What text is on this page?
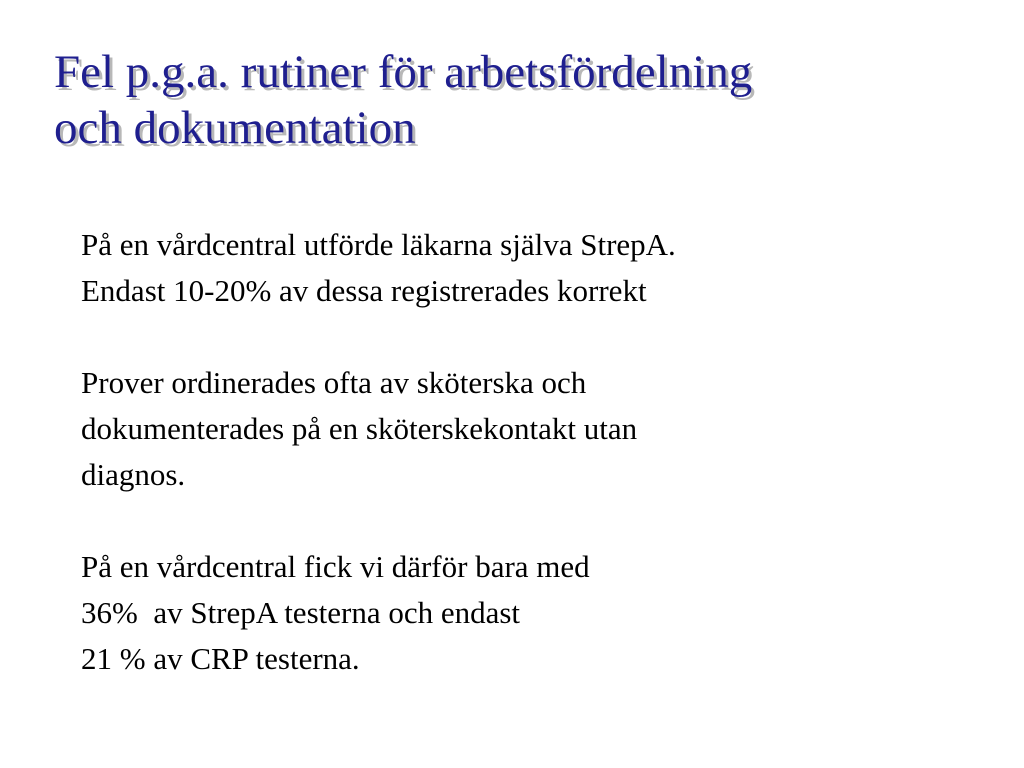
Fel p.g.a. rutiner för arbetsfördelning
och dokumentation

På en vårdcentral utförde läkarna själva StrepA.
Endast 10-20% av dessa registrerades korrekt

Prover ordinerades ofta av sköterska och
dokumenterades på en sköterskekontakt utan
diagnos.

På en vårdcentral fick vi därför bara med
36%  av StrepA testerna och endast
21 % av CRP testerna.
